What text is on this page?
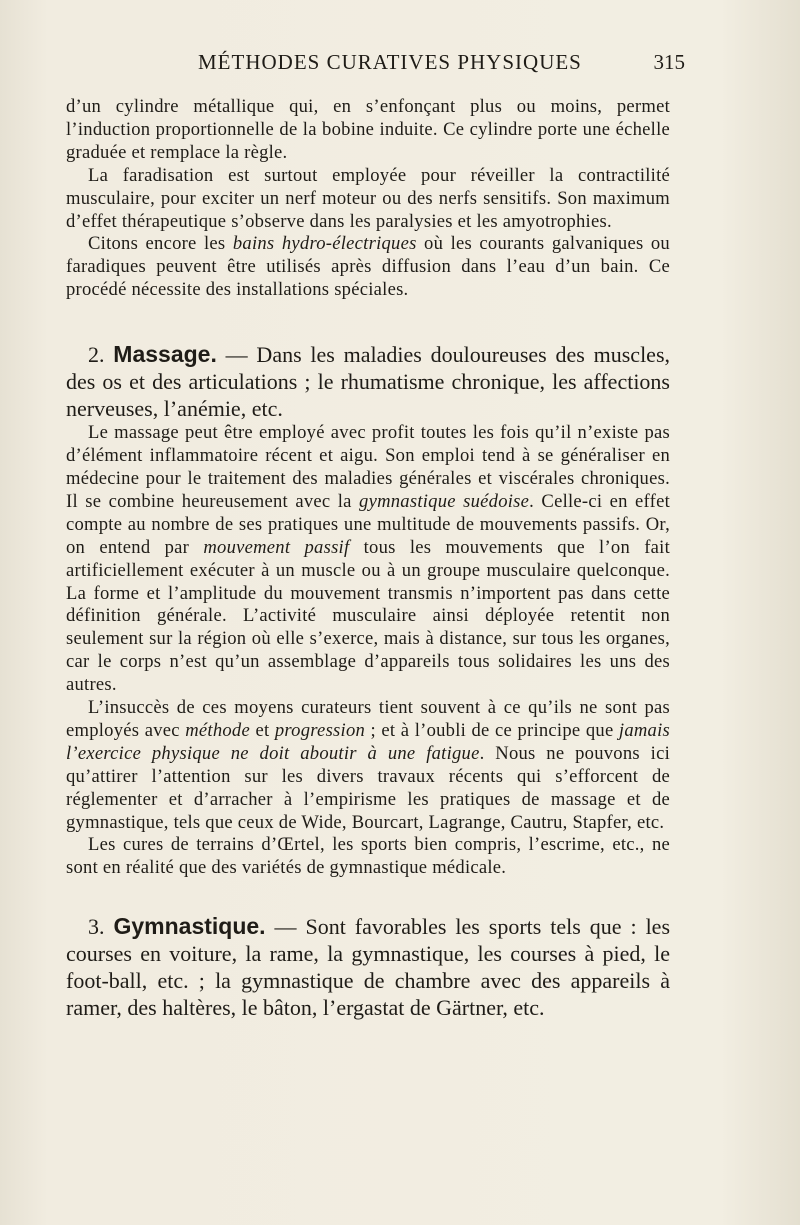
MÉTHODES CURATIVES PHYSIQUES	315

d’un cylindre métallique qui, en s’enfonçant plus ou moins, permet l’induction proportionnelle de la bobine induite. Ce cylindre porte une échelle graduée et remplace la règle.

La faradisation est surtout employée pour réveiller la contractilité musculaire, pour exciter un nerf moteur ou des nerfs sensitifs. Son maximum d’effet thérapeutique s’observe dans les paralysies et les amyotrophies.

Citons encore les bains hydro-électriques où les courants galvaniques ou faradiques peuvent être utilisés après diffusion dans l’eau d’un bain. Ce procédé nécessite des installations spéciales.

2. Massage. — Dans les maladies douloureuses des muscles, des os et des articulations ; le rhumatisme chronique, les affections nerveuses, l’anémie, etc.

Le massage peut être employé avec profit toutes les fois qu’il n’existe pas d’élément inflammatoire récent et aigu. Son emploi tend à se généraliser en médecine pour le traitement des maladies générales et viscérales chroniques. Il se combine heureusement avec la gymnastique suédoise. Celle-ci en effet compte au nombre de ses pratiques une multitude de mouvements passifs. Or, on entend par mouvement passif tous les mouvements que l’on fait artificiellement exécuter à un muscle ou à un groupe musculaire quelconque. La forme et l’amplitude du mouvement transmis n’importent pas dans cette définition générale. L’activité musculaire ainsi déployée retentit non seulement sur la région où elle s’exerce, mais à distance, sur tous les organes, car le corps n’est qu’un assemblage d’appareils tous solidaires les uns des autres.

L’insuccès de ces moyens curateurs tient souvent à ce qu’ils ne sont pas employés avec méthode et progression ; et à l’oubli de ce principe que jamais l’exercice physique ne doit aboutir à une fatigue. Nous ne pouvons ici qu’attirer l’attention sur les divers travaux récents qui s’efforcent de réglementer et d’arracher à l’empirisme les pratiques de massage et de gymnastique, tels que ceux de Wide, Bourcart, Lagrange, Cautru, Stapfer, etc.

Les cures de terrains d’Œrtel, les sports bien compris, l’escrime, etc., ne sont en réalité que des variétés de gymnastique médicale.

3. Gymnastique. — Sont favorables les sports tels que : les courses en voiture, la rame, la gymnastique, les courses à pied, le foot-ball, etc. ; la gymnastique de chambre avec des appareils à ramer, des haltères, le bâton, l’ergastat de Gärtner, etc.
